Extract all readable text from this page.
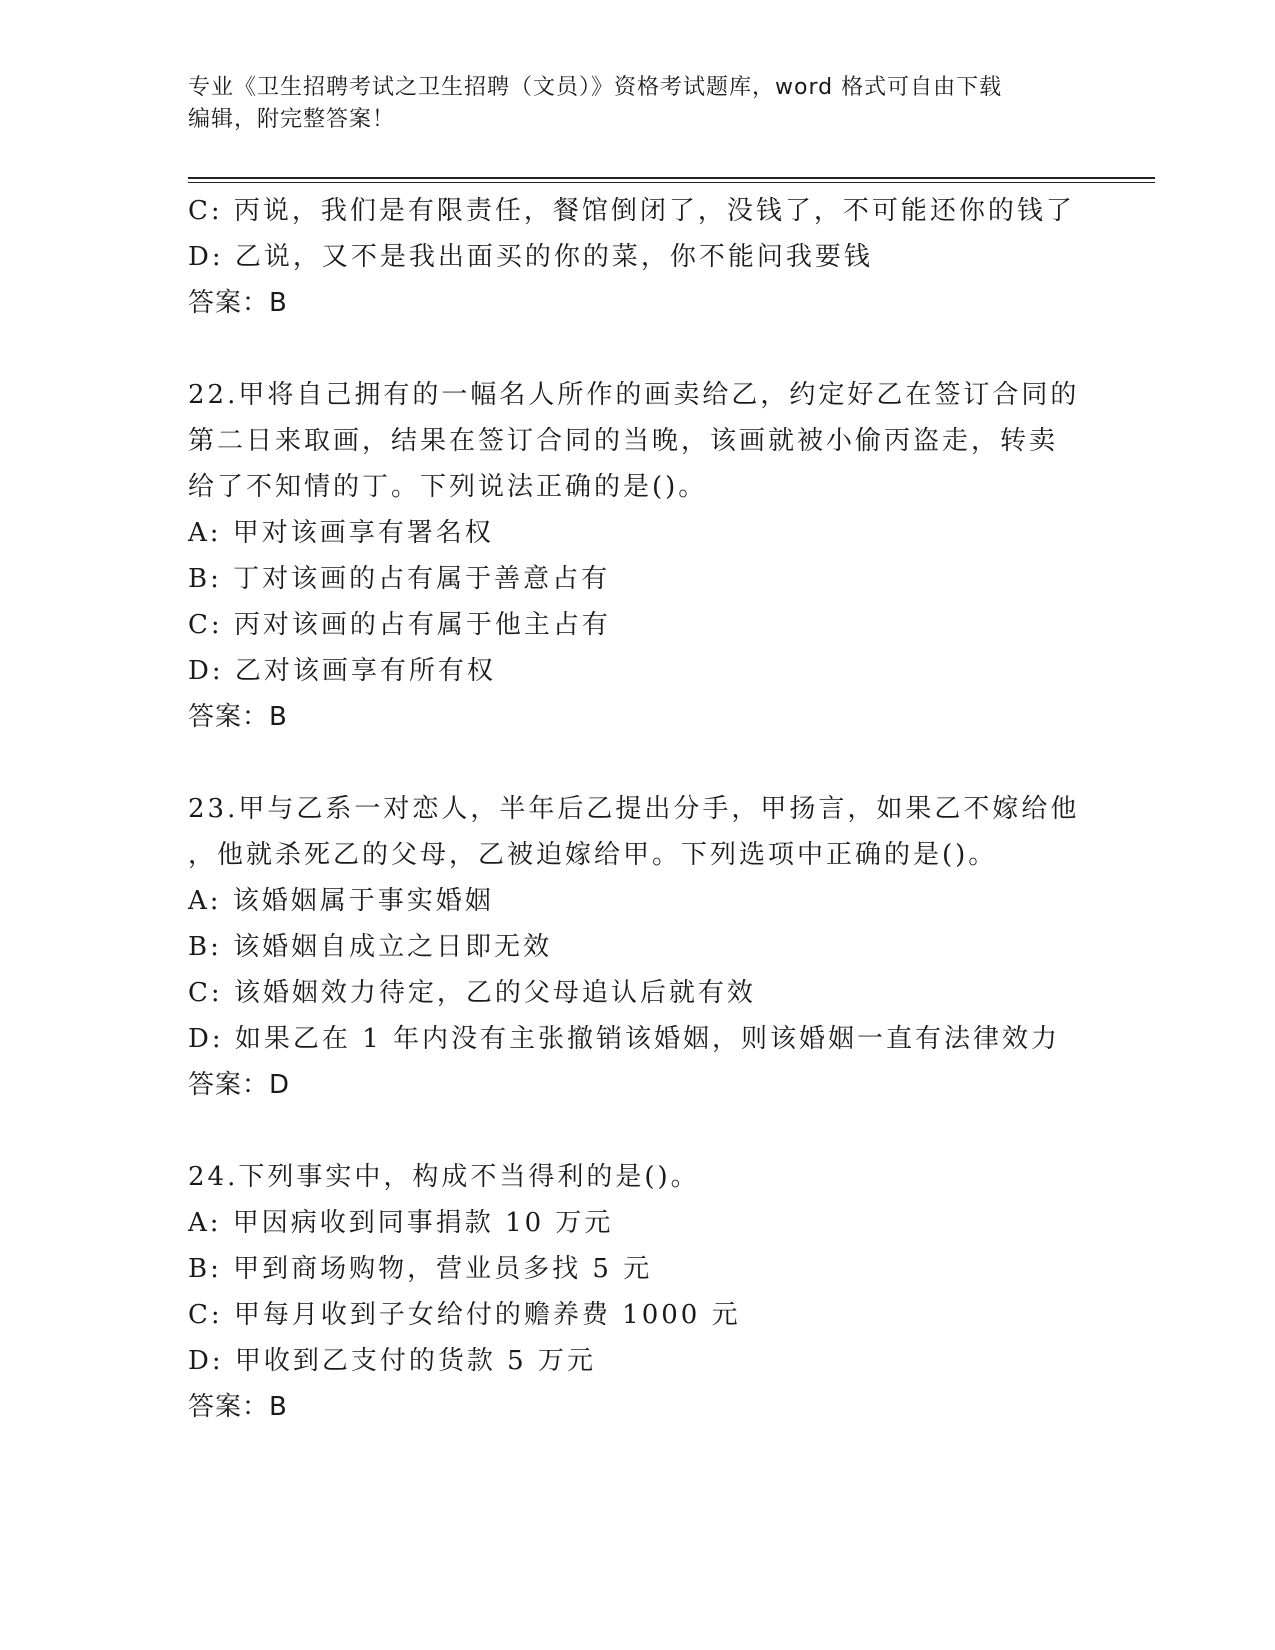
专业《卫生招聘考试之卫生招聘（文员）》资格考试题库，word 格式可自由下载
编辑，附完整答案！
C: 丙说，我们是有限责任，餐馆倒闭了，没钱了，不可能还你的钱了
D: 乙说，又不是我出面买的你的菜，你不能问我要钱
答案：B
22.甲将自己拥有的一幅名人所作的画卖给乙，约定好乙在签订合同的
第二日来取画，结果在签订合同的当晚，该画就被小偷丙盗走，转卖
给了不知情的丁。下列说法正确的是()。
A: 甲对该画享有署名权
B: 丁对该画的占有属于善意占有
C: 丙对该画的占有属于他主占有
D: 乙对该画享有所有权
答案：B
23.甲与乙系一对恋人，半年后乙提出分手，甲扬言，如果乙不嫁给他
，他就杀死乙的父母，乙被迫嫁给甲。下列选项中正确的是()。
A: 该婚姻属于事实婚姻
B: 该婚姻自成立之日即无效
C: 该婚姻效力待定，乙的父母追认后就有效
D: 如果乙在 1 年内没有主张撤销该婚姻，则该婚姻一直有法律效力
答案：D
24.下列事实中，构成不当得利的是()。
A: 甲因病收到同事捐款 10 万元
B: 甲到商场购物，营业员多找 5 元
C: 甲每月收到子女给付的赡养费 1000 元
D: 甲收到乙支付的货款 5 万元
答案：B
